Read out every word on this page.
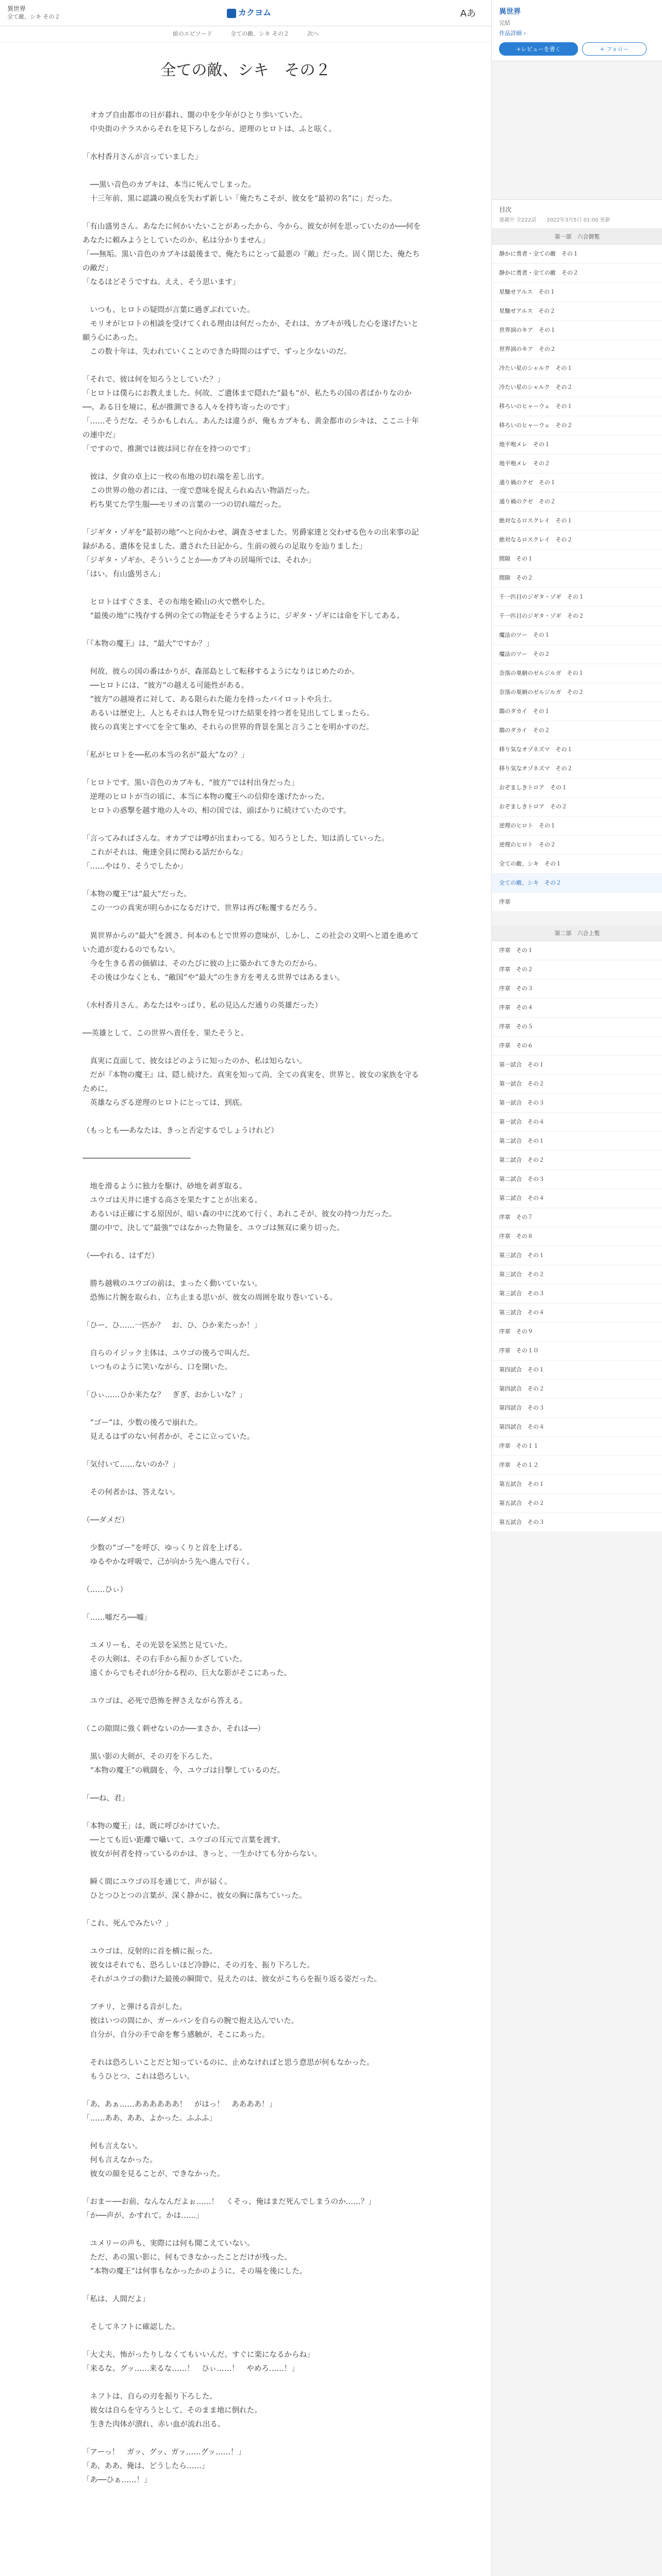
異世界
全て敵、シキ その２	カクヨム	Aあ
前のエピソード	全ての敵、シキ その２	次へ
全ての敵、シキ　その２
　オカブ自由都市の日が暮れ、闇の中を少年がひとり歩いていた。
　中央街のテラスからそれを見下ろしながら、逆理のヒロトは、ふと呟く。

「水村香月さんが言っていました」

　──黒い音色のカブキは、本当に死んでしまった。
　十三年前、黒に認識の視点を失わず新しい「俺たちこそが、彼女を“最初の名”に」だった。

「有山盛男さん。あなたに何かいたいことがあったから、今から、彼女が何を思っていたのか──何をあなたに頼みようとしていたのか、私は分かりません」
「──無垢。黒い音色のカブキは最後まで、俺たちにとって最悪の『敵』だった。固く閉じた、俺たちの敵だ」
「なるほどそうですね。ええ、そう思います」

　いつも、ヒロトの疑問が言葉に過ぎぶれていた。
　モリオがヒロトの相談を受けてくれる理由は何だったか、それは、カブキが残した心を遂げたいと願う心にあった。
　この数十年は、失われていくことのできた時間のはずで、ずっと少ないのだ。

「それで、彼は何を知ろうとしていた？」
「ヒロトは僕らにお教えました。何故、ご遺体まで隠れた“最も”が、私たちの国の者ばかりなのか──。ある日を境に、私が推測できる人々を持ち寄ったのです」
「……そうだな。そうかもしれん。あんたは違うが、俺もカブキも、黄金都市のシキは、ここニ十年の連中だ」
「ですので、推測では彼は同じ存在を持つのです」

　彼は、夕食の卓上に一枚の布地の切れ端を差し出す。
　この世界の他の者には、一度で意味を捉えられぬ古い物語だった。
　朽ち果てた学生服──モリオの言葉の一つの切れ端だった。

「ジギタ・ゾギを“最初の地”へと向かわせ、調査させました。男爵家達と交わせる色々の出来事の記録がある、遺体を見ました。遺された日記から、生前の彼らの足取りを辿りました」
「ジギタ・ゾギか、そういうことか──カブキの居場所では、それか」
「はい。有山盛男さん」

　ヒロトはすぐさま、その布地を殿山の火で燃やした。
　“最後の地”に残存する例の全ての物証をそうするように、ジギタ・ゾギには命を下してある。

「『本物の魔王』は、“最大”ですか？」

　何故、彼らの国の番はかりが、森部島として転移するようになりはじめたのか。
　──ヒロトには、“彼方”の越える可能性がある。
　“彼方”の越境者に対して、ある限られた能力を持ったバイロットや兵士。
　あるいは歴史上、人ともそれは人物を見つけた結果を持つ者を見出してしまったら。
　彼らの真実とすべてを全て集め、それらの世界的背景を黒と言うことを明かすのだ。

「私がヒロトを──私の本当の名が“最大”なの？」

「ヒロトです。黒い音色のカブキも、“彼方”では村出身だった」
　逆理のヒロトが当の頃に、本当に本物の魔王への信仰を遂げたかった。
　ヒロトの惑撃を越す地の人々の、相の国では、頭ばかりに続けていたのです。

「言ってみればさんな。オカブでは噂が出まわってる。知ろうとした、知は消していった。
　これがそれは、俺達全員に関わる話だからな」
「……やはり、そうでしたか」

「本物の魔王”は“最大”だった。
　この一つの真実が明らかになるだけで、世界は再び転覆するだろう。

　異世界からの“最大”を渡さ、何本のもとで世界の意味が、しかし、この社会の文明へと道を進めていた道が変わるのでもない。
　今を生きる者の価値は、そのたびに彼の上に築かれてきたのだから。
　その後は少なくとも、“敵国”や“最大”の生き方を考える世界ではあるまい。

（水村香月さん。あなたはやっぱり、私の見込んだ通りの英雄だった）

──英雄として、この世界へ責任を、果たそうと。

　真実に直面して、彼女はどのように知ったのか、私は知らない。
　だが『本物の魔王』は、隠し続けた。真実を知って尚、全ての真実を、世界と、彼女の家族を守るために。
　英雄ならざる逆理のヒロトにとっては、到底。

（もっとも──あなたは、きっと否定するでしょうけれど）

────────────────────────

　地を滑るように独力を駆け、砂地を剥ぎ取る。
　ユウゴは天井に達する高さを果たすことが出来る。
　あるいは正確にする原因が、暗い森の中に沈めて行く、あれこそが、彼女の持つ力だった。
　闇の中で、決して“最強”ではなかった物量を、ユウゴは無双に乗り切った。

（──やれる、はずだ）

　勝ち越戦のユウゴの前は、まったく動いていない。
　恐怖に片腕を取られ、立ち止まる思いが、彼女の周囲を取り巻いている。

「ひー、ひ……一匹か？　お、ひ、ひか来たっか！」

　自らのイジック主体は、ユウゴの後ろで叫んだ。
　いつものように笑いながら、口を開いた。

「ひぃ……ひか来たな？　ぎぎ、おかしいな？」

　“ゴー”は、少数の後ろで崩れた。
　見えるはずのない何者かが、そこに立っていた。

「気付いて……ないのか？」

　その何者かは、答えない。

（──ダメだ）

　少数の“ゴー”を呼び、ゆっくりと首を上げる。
　ゆるやかな呼吸で、己が向かう先へ進んで行く。

（……ひぃ）

「……嘘だろ──嘘」

　ユメリーも、その光景を呆然と見ていた。
　その大剣は、その右手から振りかざしていた。
　遠くからでもそれが分かる程の、巨大な影がそこにあった。

　ユウゴは、必死で恐怖を押さえながら答える。

（この隙間に強く刺せないのか──まさか、それは──）

　黒い影の大剣が、その刃を下ろした。
　“本物の魔王”の戦闘を、今、ユウゴは目撃しているのだ。

「──ね、君」

「本物の魔王」は、既に呼びかけていた。
　──とても近い距離で囁いて、ユウゴの耳元で言葉を渡す。
　彼女が何者を持っているのかは、きっと、一生かけても分からない。

　瞬く間にユウゴの耳を通じて、声が届く。
　ひとつひとつの言葉が、深く静かに、彼女の胸に落ちていった。

「これ、死んでみたい？」

　ユウゴは、反射的に首を横に振った。
　彼女はそれでも、恐ろしいほど冷静に、その刃を、振り下ろした。
　それがユウゴの動けた最後の瞬間で、見えたのは、彼女がこちらを振り返る姿だった。

　ブチリ、と弾ける音がした。
　彼はいつの間にか、ガールバンを自らの腕で抱え込んでいた。
　自分が、自分の手で命を奪う感触が、そこにあった。

　それは恐ろしいことだと知っているのに、止めなければと思う意思が何もなかった。
　もうひとつ、これは恐ろしい。

「あ、あぁ……ああああああ！　がはっ！　ああああ！」
「……ああ、ああ、よかった。ふふふ」

　何も言えない。
　何も言えなかった。
　彼女の顔を見ることが、できなかった。

「おまー──お前、なんなんだよぉ……！　くそっ、俺はまだ死んでしまうのか……？」
「か──声が、かすれて。かは……」

　ユメリーの声も、実際には何も聞こえていない。
　ただ、あの黒い影に、何もできなかったことだけが残った。
　“本物の魔王”は何事もなかったかのように、その場を後にした。

「私は、人間だよ」

　そしてネフトに確認した。

「大丈夫、怖がったりしなくてもいいんだ。すぐに楽になるからね」
「来るな。グッ……来るな……！　ひぃ……！　やめろ……！」

　ネフトは、自らの刃を振り下ろした。
　彼女は自らを守ろうとして、そのまま地に倒れた。
　生きた肉体が潰れ、赤い血が流れ出る。

「アーっ！　ガッ、グッ、ガッ……グッ……！」
「あ、ああ、俺は、どうしたら……」
「あ──ひぁ……！」
異世界
完結
作品詳細 ›
+レビューを書く	+ フォロー
目次
連載中 全222話　　2022年3月5日 01:00 更新
第一部　六合御覧
静かに勇者・全ての敵　その１
静かに勇者・全ての敵　その２
星馳せアルス　その１
星馳せアルス　その２
世界詞のキア　その１
世界詞のキア　その２
冷たい星のシャルク　その１
冷たい星のシャルク　その２
移ろいのヒャーウェ　その１
移ろいのヒャーウェ　その２
地平咆メレ　その１
地平咆メレ　その２
通り禍のクゼ　その１
通り禍のクゼ　その２
絶対なるロスクレイ　その１
絶対なるロスクレイ　その２
間隙　その１
間隙　その２
千一匹目のジギタ・ゾギ　その１
千一匹目のジギタ・ゾギ　その２
魔法のツー　その１
魔法のツー　その２
奈落の巣網のゼルジルガ　その１
奈落の巣網のゼルジルガ　その２
鵲のダカイ　その１
鵲のダカイ　その２
移り気なオゾネズマ　その１
移り気なオゾネズマ　その２
おぞましきトロア　その１
おぞましきトロア　その２
逆理のヒロト　その１
逆理のヒロト　その２
全ての敵、シキ　その１
全ての敵、シキ　その２
序章
第二部　六合上覧
序章　その１
序章　その２
序章　その３
序章　その４
序章　その５
序章　その６
第一試合　その１
第一試合　その２
第一試合　その３
第一試合　その４
第二試合　その１
第二試合　その２
第二試合　その３
第二試合　その４
序章　その７
序章　その８
第三試合　その１
第三試合　その２
第三試合　その３
第三試合　その４
序章　その９
序章　その１０
第四試合　その１
第四試合　その２
第四試合　その３
第四試合　その４
序章　その１１
序章　その１２
第五試合　その１
第五試合　その２
第五試合　その３
